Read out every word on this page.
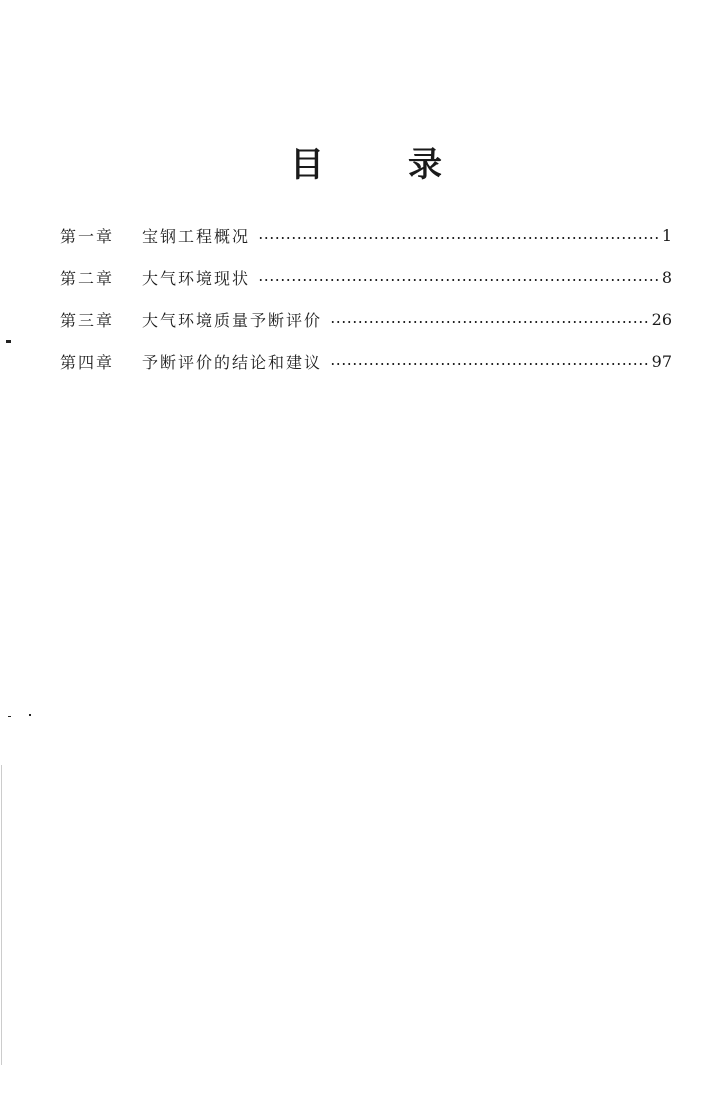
目 录
第一章	宝钢工程概况	1
第二章	大气环境现状	8
第三章	大气环境质量予断评价	26
第四章	予断评价的结论和建议	97
